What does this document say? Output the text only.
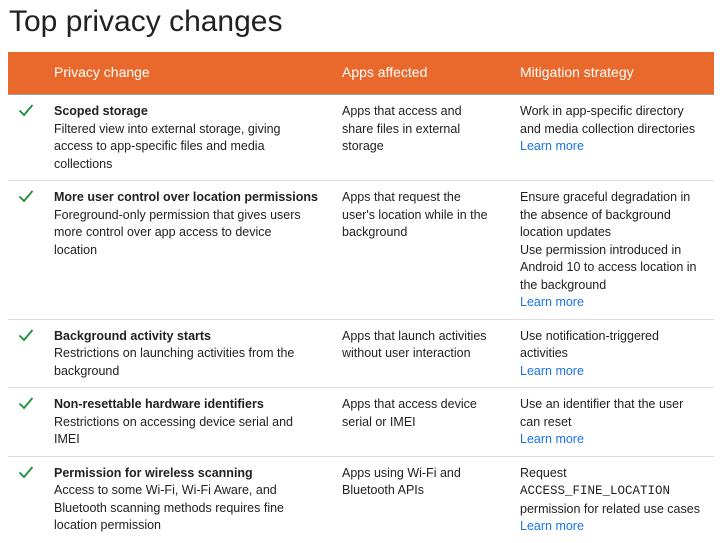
Top privacy changes
	Privacy change	Apps affected	Mitigation strategy

Scoped storage
Filtered view into external storage, giving access to app-specific files and media collections	Apps that access and share files in external storage	Work in app-specific directory and media collection directories
Learn more

More user control over location permissions
Foreground-only permission that gives users more control over app access to device location	Apps that request the user's location while in the background	Ensure graceful degradation in the absence of background location updates
Use permission introduced in Android 10 to access location in the background
Learn more

Background activity starts
Restrictions on launching activities from the background	Apps that launch activities without user interaction	Use notification-triggered activities
Learn more

Non-resettable hardware identifiers
Restrictions on accessing device serial and IMEI	Apps that access device serial or IMEI	Use an identifier that the user can reset
Learn more

Permission for wireless scanning
Access to some Wi-Fi, Wi-Fi Aware, and Bluetooth scanning methods requires fine location permission	Apps using Wi-Fi and Bluetooth APIs	Request ACCESS_FINE_LOCATION permission for related use cases
Learn more
